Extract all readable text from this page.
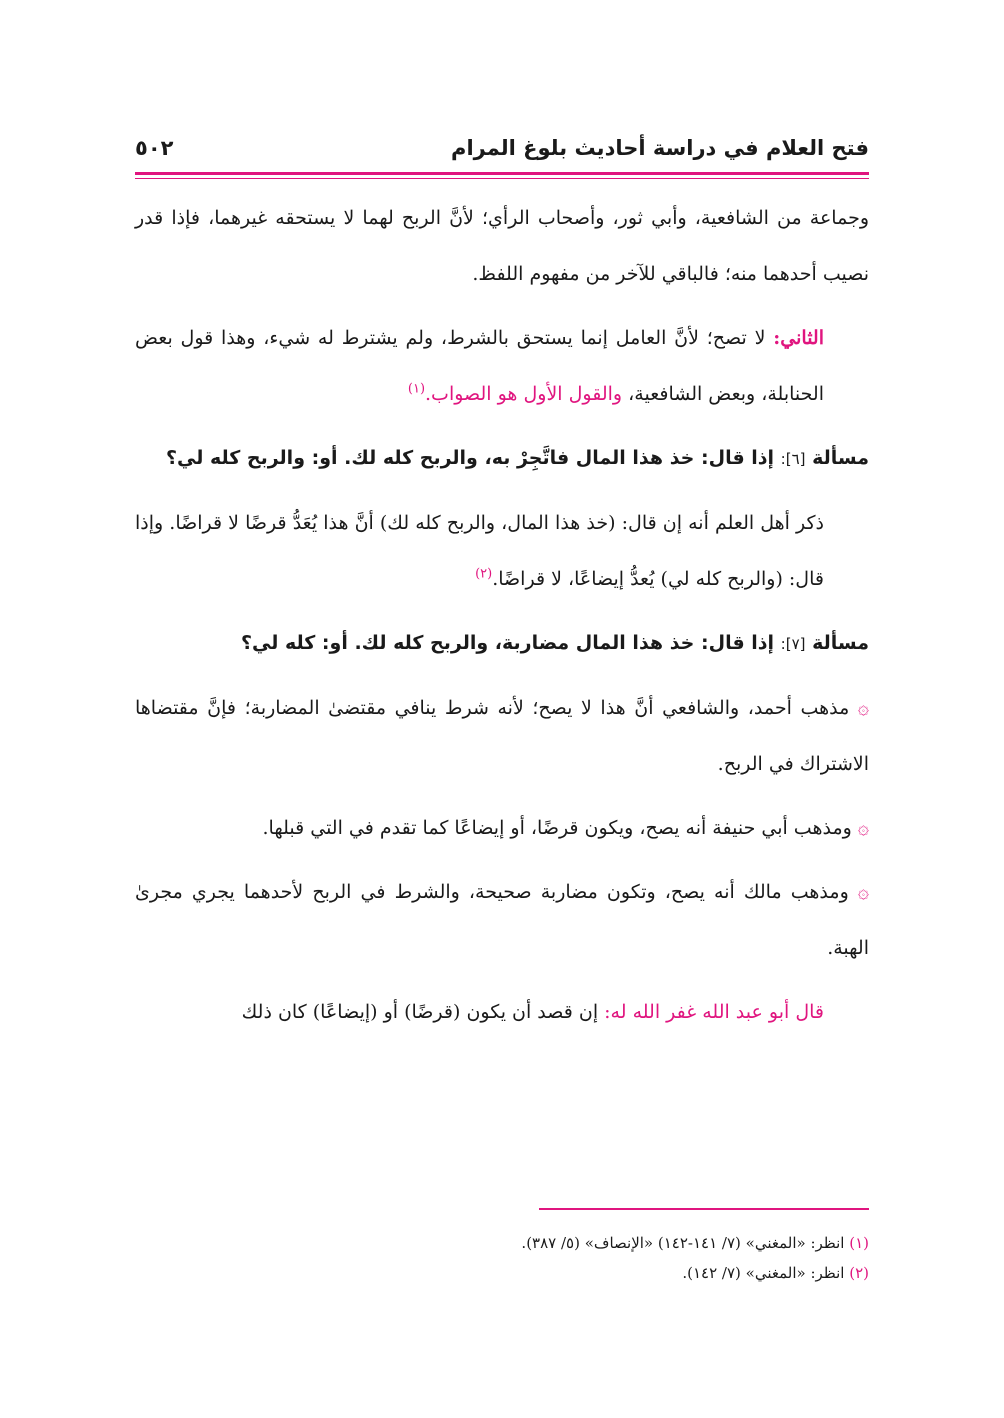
فتح العلام في دراسة أحاديث بلوغ المرام
٥٠٢

وجماعة من الشافعية، وأبي ثور، وأصحاب الرأي؛ لأنَّ الربح لهما لا يستحقه غيرهما، فإذا قدر نصيب أحدهما منه؛ فالباقي للآخر من مفهوم اللفظ.

الثاني: لا تصح؛ لأنَّ العامل إنما يستحق بالشرط، ولم يشترط له شيء، وهذا قول بعض الحنابلة، وبعض الشافعية، والقول الأول هو الصواب.$^{(١)}$

مسألة [٦]: إذا قال: خذ هذا المال فاتَّجِرْ به، والربح كله لك. أو: والربح كله لي؟

ذكر أهل العلم أنه إن قال: (خذ هذا المال، والربح كله لك) أنَّ هذا يُعَدُّ قرضًا لا قراضًا. وإذا قال: (والربح كله لي) يُعدُّ إيضاعًا، لا قراضًا.$^{(٢)}$

مسألة [٧]: إذا قال: خذ هذا المال مضاربة، والربح كله لك. أو: كله لي؟

۞ مذهب أحمد، والشافعي أنَّ هذا لا يصح؛ لأنه شرط ينافي مقتضىٰ المضاربة؛ فإنَّ مقتضاها الاشتراك في الربح.

۞ ومذهب أبي حنيفة أنه يصح، ويكون قرضًا، أو إيضاعًا كما تقدم في التي قبلها.

۞ ومذهب مالك أنه يصح، وتكون مضاربة صحيحة، والشرط في الربح لأحدهما يجري مجرىٰ الهبة.

قال أبو عبد الله غفر الله له: إن قصد أن يكون (قرضًا) أو (إيضاعًا) كان ذلك

(١) انظر: «المغني» (٧/ ١٤١-١٤٢) «الإنصاف» (٥/ ٣٨٧).

(٢) انظر: «المغني» (٧/ ١٤٢).
